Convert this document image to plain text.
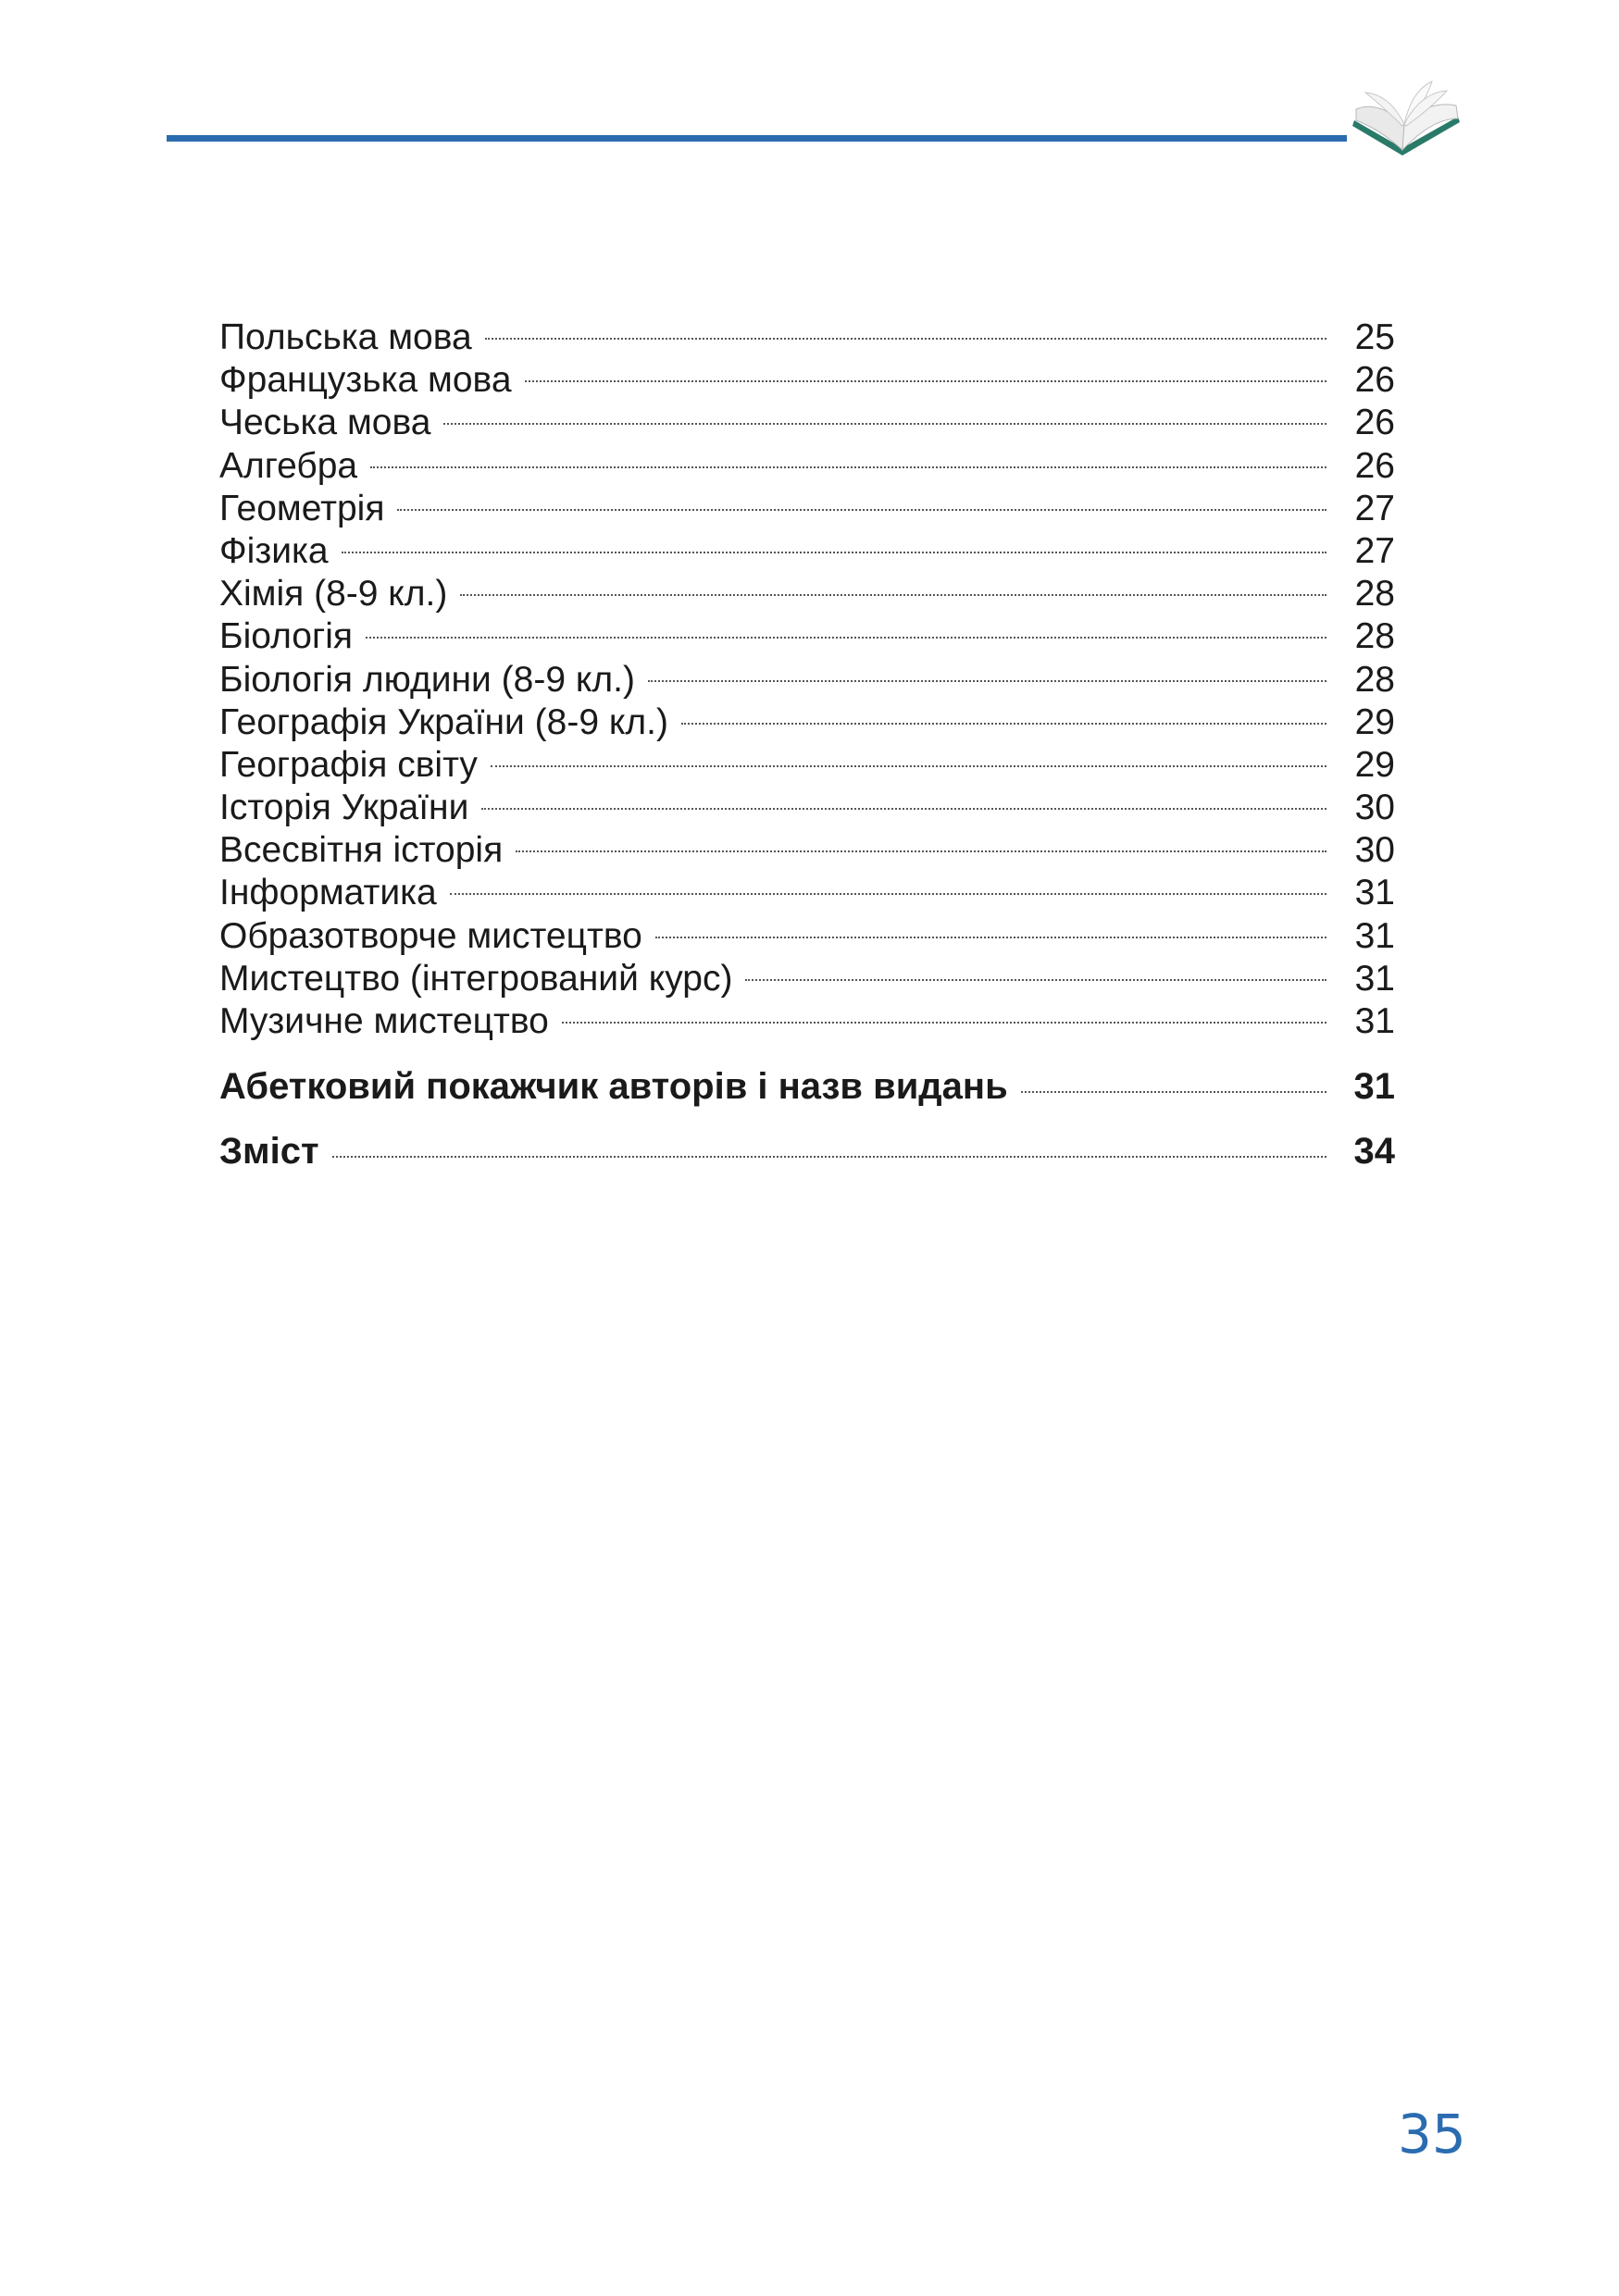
Польська мова	25
Французька мова	26
Чеська мова	26
Алгебра	26
Геометрія	27
Фізика	27
Хімія (8-9 кл.)	28
Біологія	28
Біологія людини (8-9 кл.)	28
Географія України (8-9 кл.)	29
Географія світу	29
Історія України	30
Всесвітня історія	30
Інформатика	31
Образотворче мистецтво	31
Мистецтво (інтегрований курс)	31
Музичне мистецтво	31
Абетковий покажчик авторів і назв видань	31
Зміст	34
35
